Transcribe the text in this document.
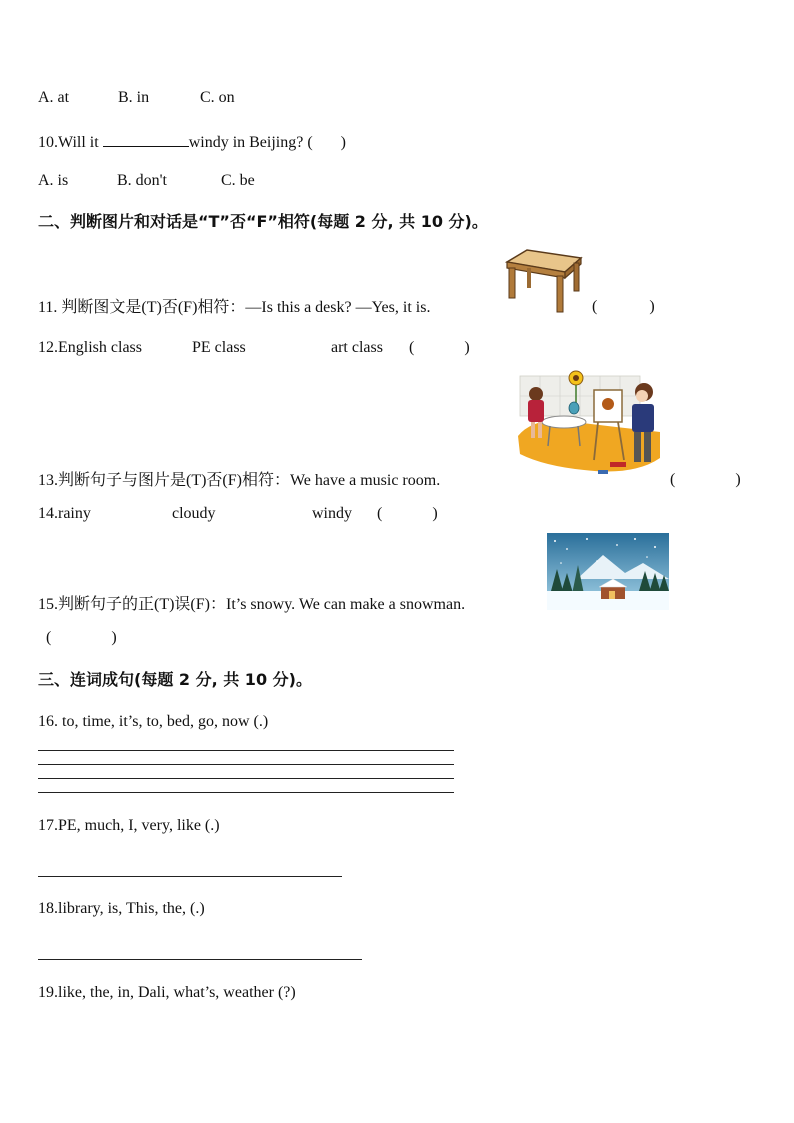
A. at	B. in	C. on
10.Will it	windy in Beijing? ( )
A. is	B. don't	C. be
二、判断图片和对话是“T”否“F”相符(每题 2 分, 共 10 分)。
11. 判断图文是(T)否(F)相符：—Is this a desk? —Yes, it is.	(	)
12.English class	PE class	art class (	)
13.判断句子与图片是(T)否(F)相符：We have a music room.	(	)
14.rainy	cloudy	windy (	)
15.判断句子的正(T)误(F)：It’s snowy. We can make a snowman.
(	)
三、连词成句(每题 2 分, 共 10 分)。
16. to, time, it’s, to, bed, go, now (.)
17.PE, much, I, very, like (.)
18.library, is, This, the, (.)
19.like, the, in, Dali, what’s, weather (?)
